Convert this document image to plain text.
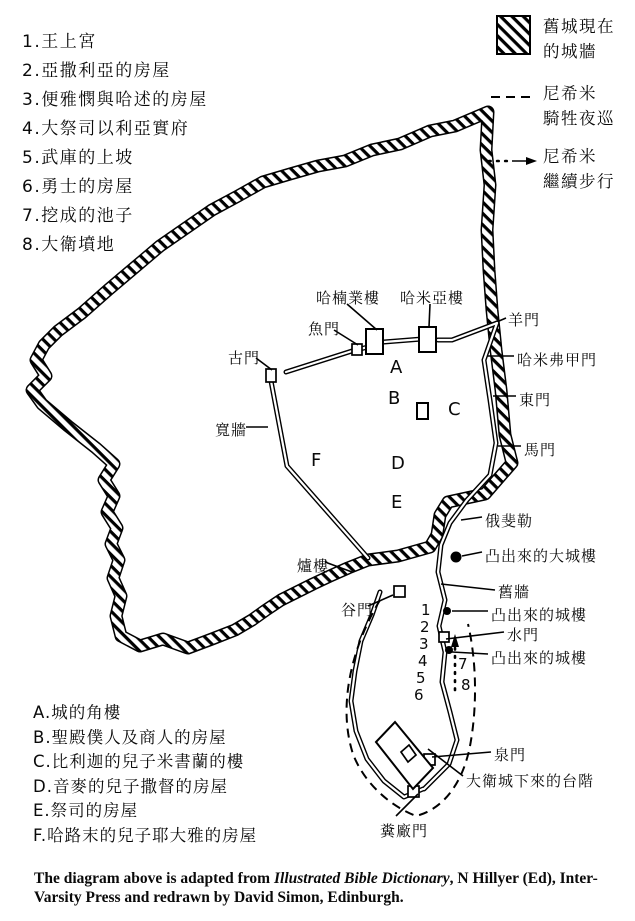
1.王上宮
2.亞撒利亞的房屋
3.便雅憫與哈述的房屋
4.大祭司以利亞實府
5.武庫的上坡
6.勇士的房屋
7.挖成的池子
8.大衛墳地
舊城現在
的城牆
尼希米
騎牲夜巡
尼希米
繼續步行
哈楠業樓 哈米亞樓
魚門
古門
寬牆
羊門
哈米弗甲門
東門
馬門
俄斐勒
凸出來的大城樓
舊牆
凸出來的城樓
水門
凸出來的城樓
爐樓
谷門
泉門
大衛城下來的台階
糞廠門
A
B
C
D
E
F
1
2
3
4
5
6
7
8
A.城的角樓
B.聖殿僕人及商人的房屋
C.比利迦的兒子米書蘭的樓
D.音麥的兒子撒督的房屋
E.祭司的房屋
F.哈路末的兒子耶大雅的房屋
The diagram above is adapted from Illustrated Bible Dictionary, N Hillyer (Ed), Inter-
Varsity Press and redrawn by David Simon, Edinburgh.
